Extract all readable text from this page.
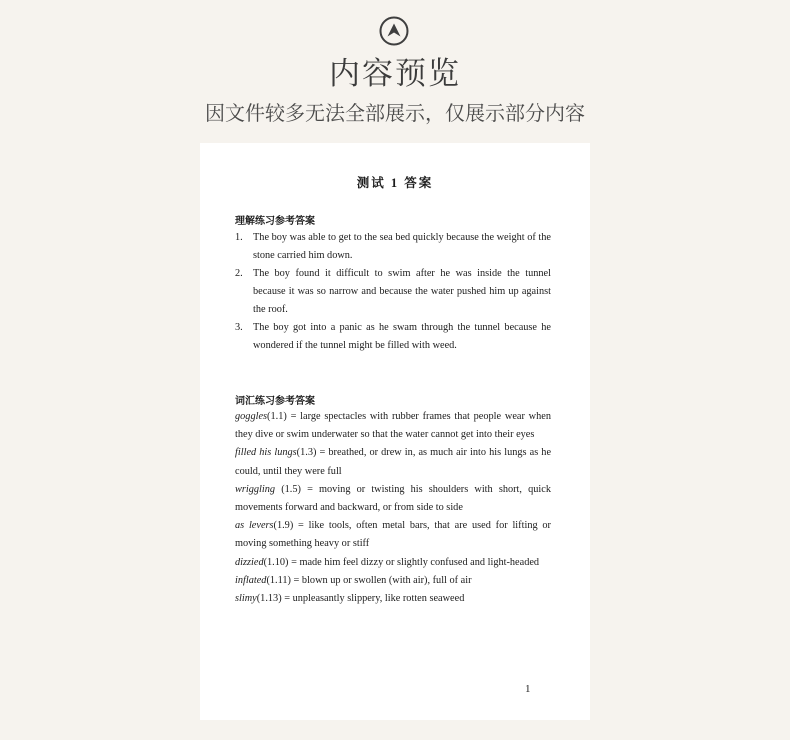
内容预览
因文件较多无法全部展示，仅展示部分内容
测试 1 答案
理解练习参考答案
1. The boy was able to get to the sea bed quickly because the weight of the stone carried him down.
2. The boy found it difficult to swim after he was inside the tunnel because it was so narrow and because the water pushed him up against the roof.
3. The boy got into a panic as he swam through the tunnel because he wondered if the tunnel might be filled with weed.
词汇练习参考答案
goggles(1.1) = large spectacles with rubber frames that people wear when they dive or swim underwater so that the water cannot get into their eyes
filled his lungs(1.3) = breathed, or drew in, as much air into his lungs as he could, until they were full
wriggling (1.5) = moving or twisting his shoulders with short, quick movements forward and backward, or from side to side
as levers(1.9) = like tools, often metal bars, that are used for lifting or moving something heavy or stiff
dizzied(1.10) = made him feel dizzy or slightly confused and light-headed
inflated(1.11) = blown up or swollen (with air), full of air
slimy(1.13) = unpleasantly slippery, like rotten seaweed
1
